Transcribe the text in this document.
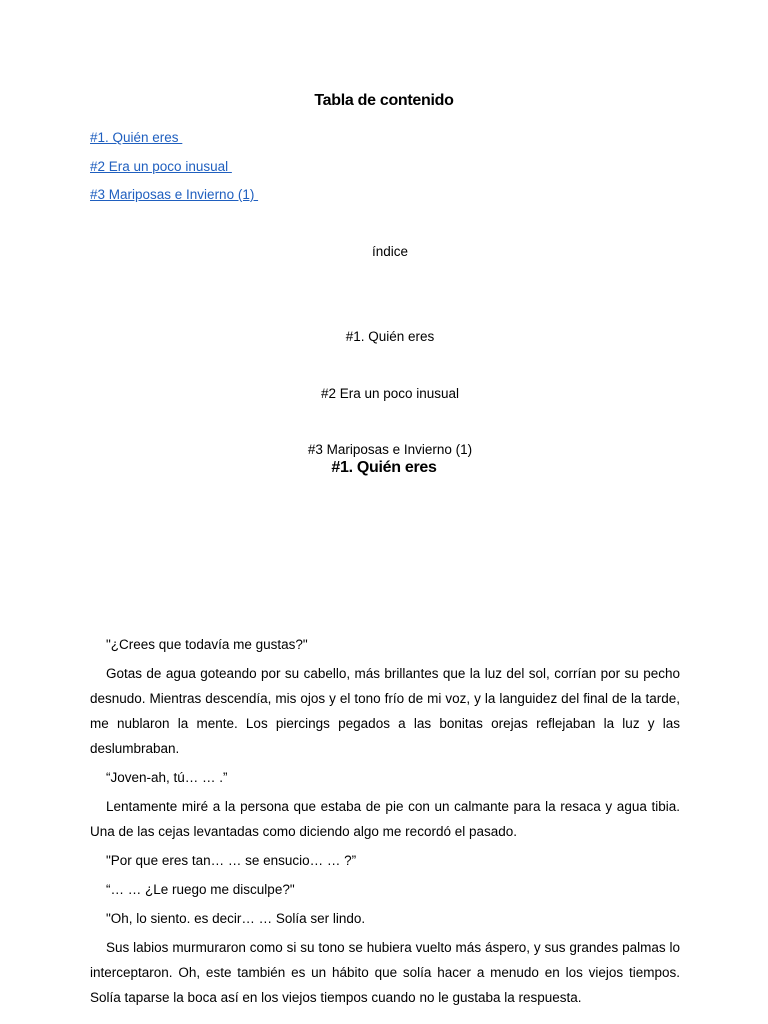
Tabla de contenido
#1. Quién eres
#2 Era un poco inusual
#3 Mariposas e Invierno (1)
índice
#1. Quién eres
#2 Era un poco inusual
#3 Mariposas e Invierno (1)
#1. Quién eres

"¿Crees que todavía me gustas?"

Gotas de agua goteando por su cabello, más brillantes que la luz del sol, corrían por su pecho desnudo. Mientras descendía, mis ojos y el tono frío de mi voz, y la languidez del final de la tarde, me nublaron la mente. Los piercings pegados a las bonitas orejas reflejaban la luz y las deslumbraban.

“Joven-ah, tú… … .”

Lentamente miré a la persona que estaba de pie con un calmante para la resaca y agua tibia. Una de las cejas levantadas como diciendo algo me recordó el pasado.

"Por que eres tan… … se ensucio… … ?”

“… … ¿Le ruego me disculpe?"

"Oh, lo siento. es decir… … Solía ser lindo.

Sus labios murmuraron como si su tono se hubiera vuelto más áspero, y sus grandes palmas lo interceptaron. Oh, este también es un hábito que solía hacer a menudo en los viejos tiempos. Solía taparse la boca así en los viejos tiempos cuando no le gustaba la respuesta.
